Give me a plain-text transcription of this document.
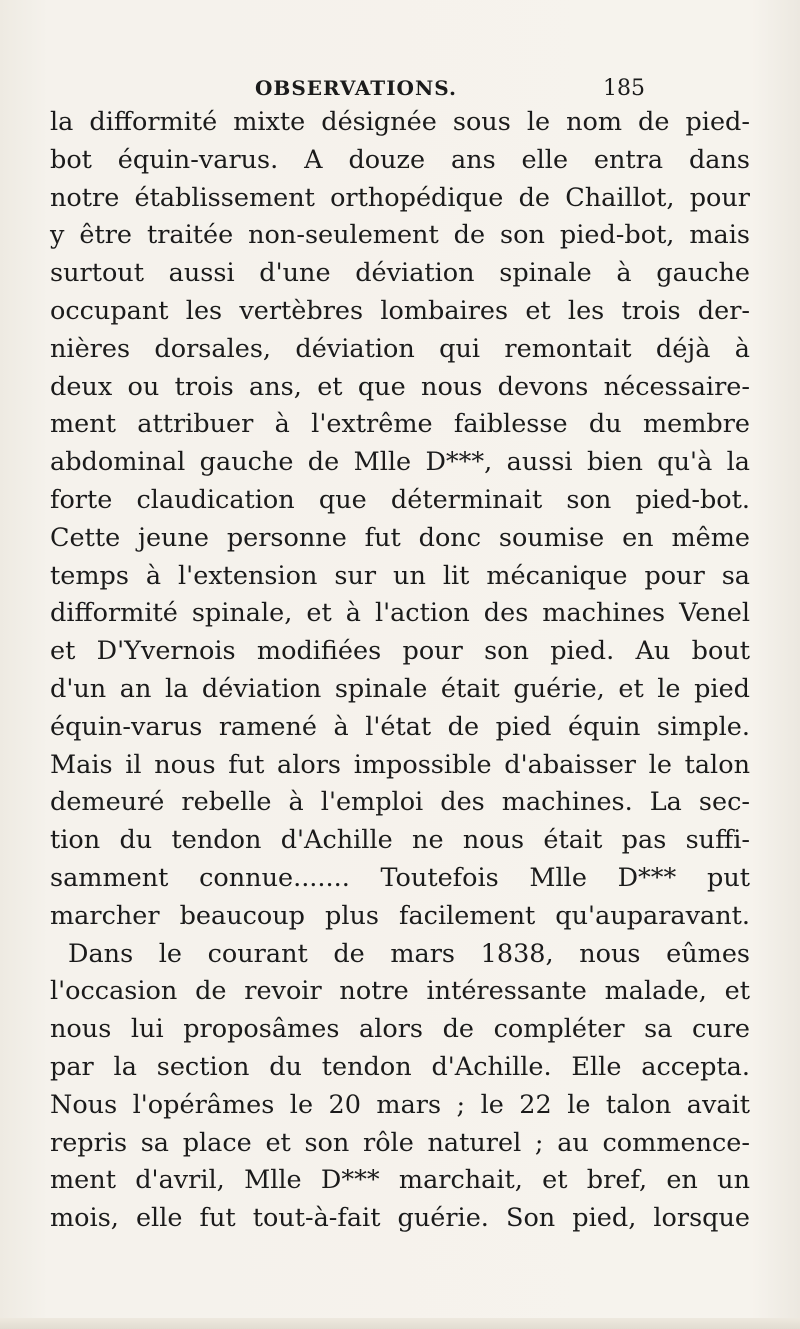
OBSERVATIONS.	185
la difformité mixte désignée sous le nom de pied-
bot équin-varus. A douze ans elle entra dans
notre établissement orthopédique de Chaillot, pour
y être traitée non-seulement de son pied-bot, mais
surtout aussi d'une déviation spinale à gauche
occupant les vertèbres lombaires et les trois der-
nières dorsales, déviation qui remontait déjà à
deux ou trois ans, et que nous devons nécessaire-
ment attribuer à l'extrême faiblesse du membre
abdominal gauche de Mlle D***, aussi bien qu'à la
forte claudication que déterminait son pied-bot.
Cette jeune personne fut donc soumise en même
temps à l'extension sur un lit mécanique pour sa
difformité spinale, et à l'action des machines Venel
et D'Yvernois modifiées pour son pied. Au bout
d'un an la déviation spinale était guérie, et le pied
équin-varus ramené à l'état de pied équin simple.
Mais il nous fut alors impossible d'abaisser le talon
demeuré rebelle à l'emploi des machines. La sec-
tion du tendon d'Achille ne nous était pas suffi-
samment connue....... Toutefois Mlle D*** put
marcher beaucoup plus facilement qu'auparavant.
Dans le courant de mars 1838, nous eûmes
l'occasion de revoir notre intéressante malade, et
nous lui proposâmes alors de compléter sa cure
par la section du tendon d'Achille. Elle accepta.
Nous l'opérâmes le 20 mars ; le 22 le talon avait
repris sa place et son rôle naturel ; au commence-
ment d'avril, Mlle D*** marchait, et bref, en un
mois, elle fut tout-à-fait guérie. Son pied, lorsque
